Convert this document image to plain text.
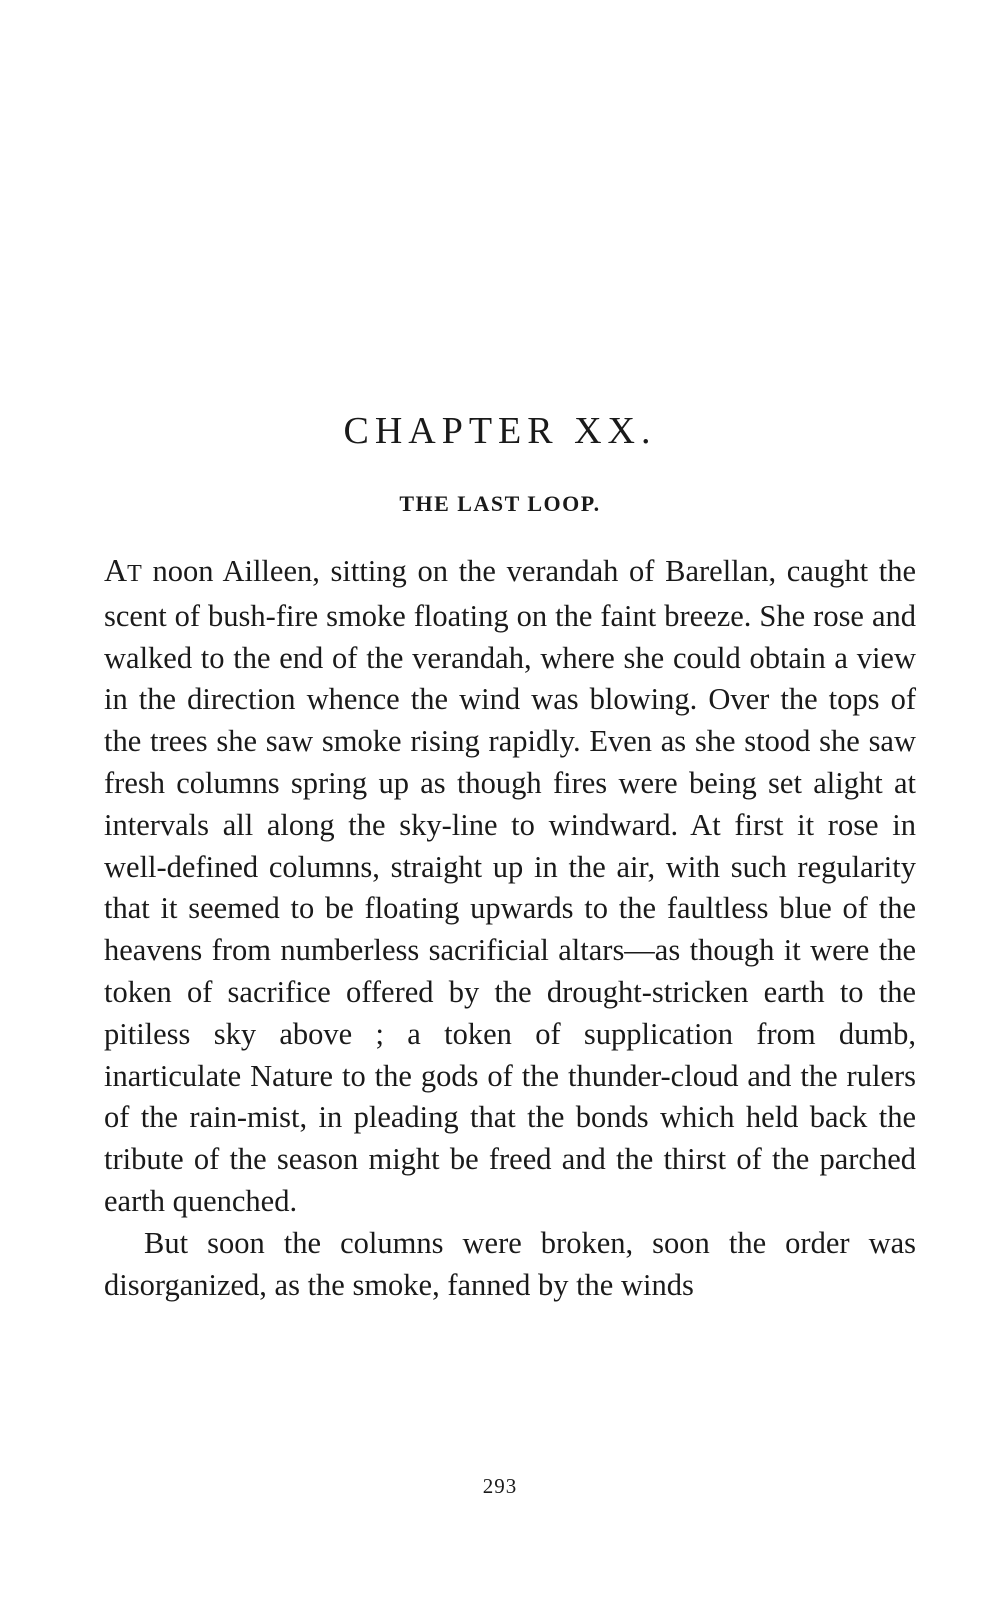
CHAPTER XX.
THE LAST LOOP.

AT noon Ailleen, sitting on the verandah of Barellan, caught the scent of bush-fire smoke floating on the faint breeze. She rose and walked to the end of the verandah, where she could obtain a view in the direction whence the wind was blowing. Over the tops of the trees she saw smoke rising rapidly. Even as she stood she saw fresh columns spring up as though fires were being set alight at intervals all along the sky-line to windward. At first it rose in well-defined columns, straight up in the air, with such regularity that it seemed to be floating upwards to the faultless blue of the heavens from numberless sacrificial altars—as though it were the token of sacrifice offered by the drought-stricken earth to the pitiless sky above ; a token of supplication from dumb, inarticulate Nature to the gods of the thunder-cloud and the rulers of the rain-mist, in pleading that the bonds which held back the tribute of the season might be freed and the thirst of the parched earth quenched.

But soon the columns were broken, soon the order was disorganized, as the smoke, fanned by the winds

293
